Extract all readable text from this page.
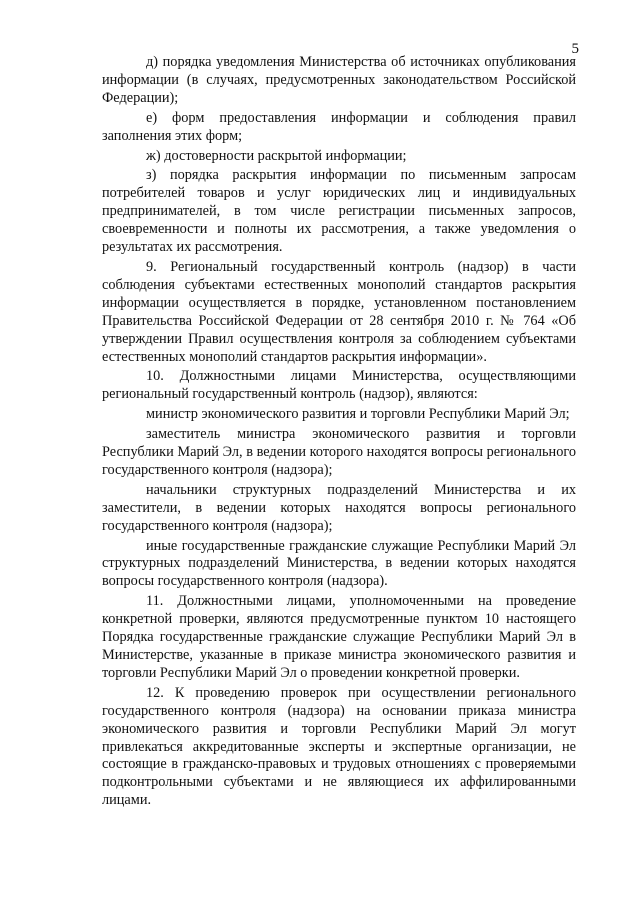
5

д) порядка уведомления Министерства об источниках опубликования информации (в случаях, предусмотренных законодательством Российской Федерации);

е) форм предоставления информации и соблюдения правил заполнения этих форм;

ж) достоверности раскрытой информации;

з) порядка раскрытия информации по письменным запросам потребителей товаров и услуг юридических лиц и индивидуальных предпринимателей, в том числе регистрации письменных запросов, своевременности и полноты их рассмотрения, а также уведомления о результатах их рассмотрения.

9. Региональный государственный контроль (надзор) в части соблюдения субъектами естественных монополий стандартов раскрытия информации осуществляется в порядке, установленном постановлением Правительства Российской Федерации от 28 сентября 2010 г. № 764 «Об утверждении Правил осуществления контроля за соблюдением субъектами естественных монополий стандартов раскрытия информации».

10. Должностными лицами Министерства, осуществляющими региональный государственный контроль (надзор), являются:

министр экономического развития и торговли Республики Марий Эл;

заместитель министра экономического развития и торговли Республики Марий Эл, в ведении которого находятся вопросы регионального государственного контроля (надзора);

начальники структурных подразделений Министерства и их заместители, в ведении которых находятся вопросы регионального государственного контроля (надзора);

иные государственные гражданские служащие Республики Марий Эл структурных подразделений Министерства, в ведении которых находятся вопросы государственного контроля (надзора).

11. Должностными лицами, уполномоченными на проведение конкретной проверки, являются предусмотренные пунктом 10 настоящего Порядка государственные гражданские служащие Республики Марий Эл в Министерстве, указанные в приказе министра экономического развития и торговли Республики Марий Эл о проведении конкретной проверки.

12. К проведению проверок при осуществлении регионального государственного контроля (надзора) на основании приказа министра экономического развития и торговли Республики Марий Эл могут привлекаться аккредитованные эксперты и экспертные организации, не состоящие в гражданско-правовых и трудовых отношениях с проверяемыми подконтрольными субъектами и не являющиеся их аффилированными лицами.
